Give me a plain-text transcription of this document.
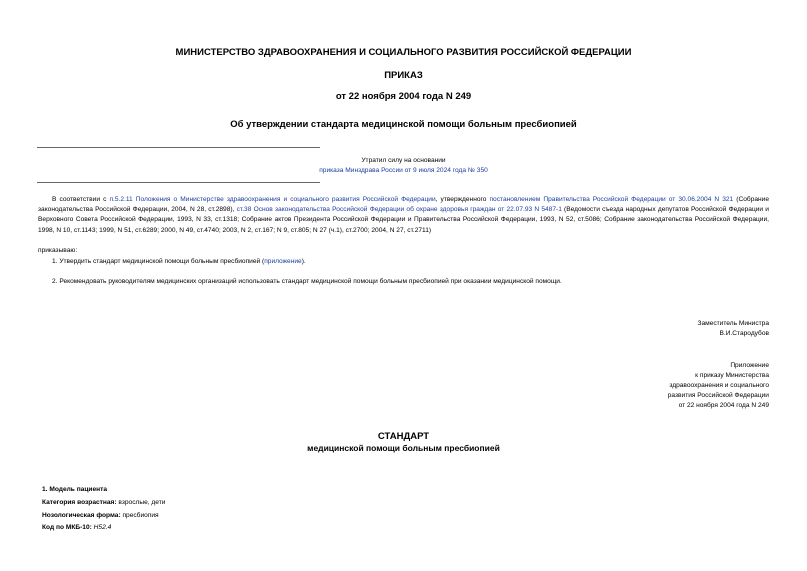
МИНИСТЕРСТВО ЗДРАВООХРАНЕНИЯ И СОЦИАЛЬНОГО РАЗВИТИЯ РОССИЙСКОЙ ФЕДЕРАЦИИ
ПРИКАЗ
от 22 ноября 2004 года N 249
Об утверждении стандарта медицинской помощи больным пресбиопией
Утратил силу на основании
приказа Минздрава России от 9 июля 2024 года № 350
В соответствии с п.5.2.11 Положения о Министерстве здравоохранения и социального развития Российской Федерации, утвержденного постановлением Правительства Российской Федерации от 30.06.2004 N 321 (Собрание законодательства Российской Федерации, 2004, N 28, ст.2898), ст.38 Основ законодательства Российской Федерации об охране здоровья граждан от 22.07.93 N 5487-1 (Ведомости съезда народных депутатов Российской Федерации и Верховного Совета Российской Федерации, 1993, N 33, ст.1318; Собрание актов Президента Российской Федерации и Правительства Российской Федерации, 1993, N 52, ст.5086; Собрание законодательства Российской Федерации, 1998, N 10, ст.1143; 1999, N 51, ст.6289; 2000, N 49, ст.4740; 2003, N 2, ст.167; N 9, ст.805; N 27 (ч.1), ст.2700; 2004, N 27, ст.2711)
приказываю:
1. Утвердить стандарт медицинской помощи больным пресбиопией (приложение).
2. Рекомендовать руководителям медицинских организаций использовать стандарт медицинской помощи больным пресбиопией при оказании медицинской помощи.
Заместитель Министра
В.И.Стародубов
Приложение
к приказу Министерства
здравоохранения и социального
развития Российской Федерации
от 22 ноября 2004 года N 249
СТАНДАРТ
медицинской помощи больным пресбиопией
1. Модель пациента
Категория возрастная: взрослые, дети
Нозологическая форма: пресбиопия
Код по МКБ-10: Н52.4
